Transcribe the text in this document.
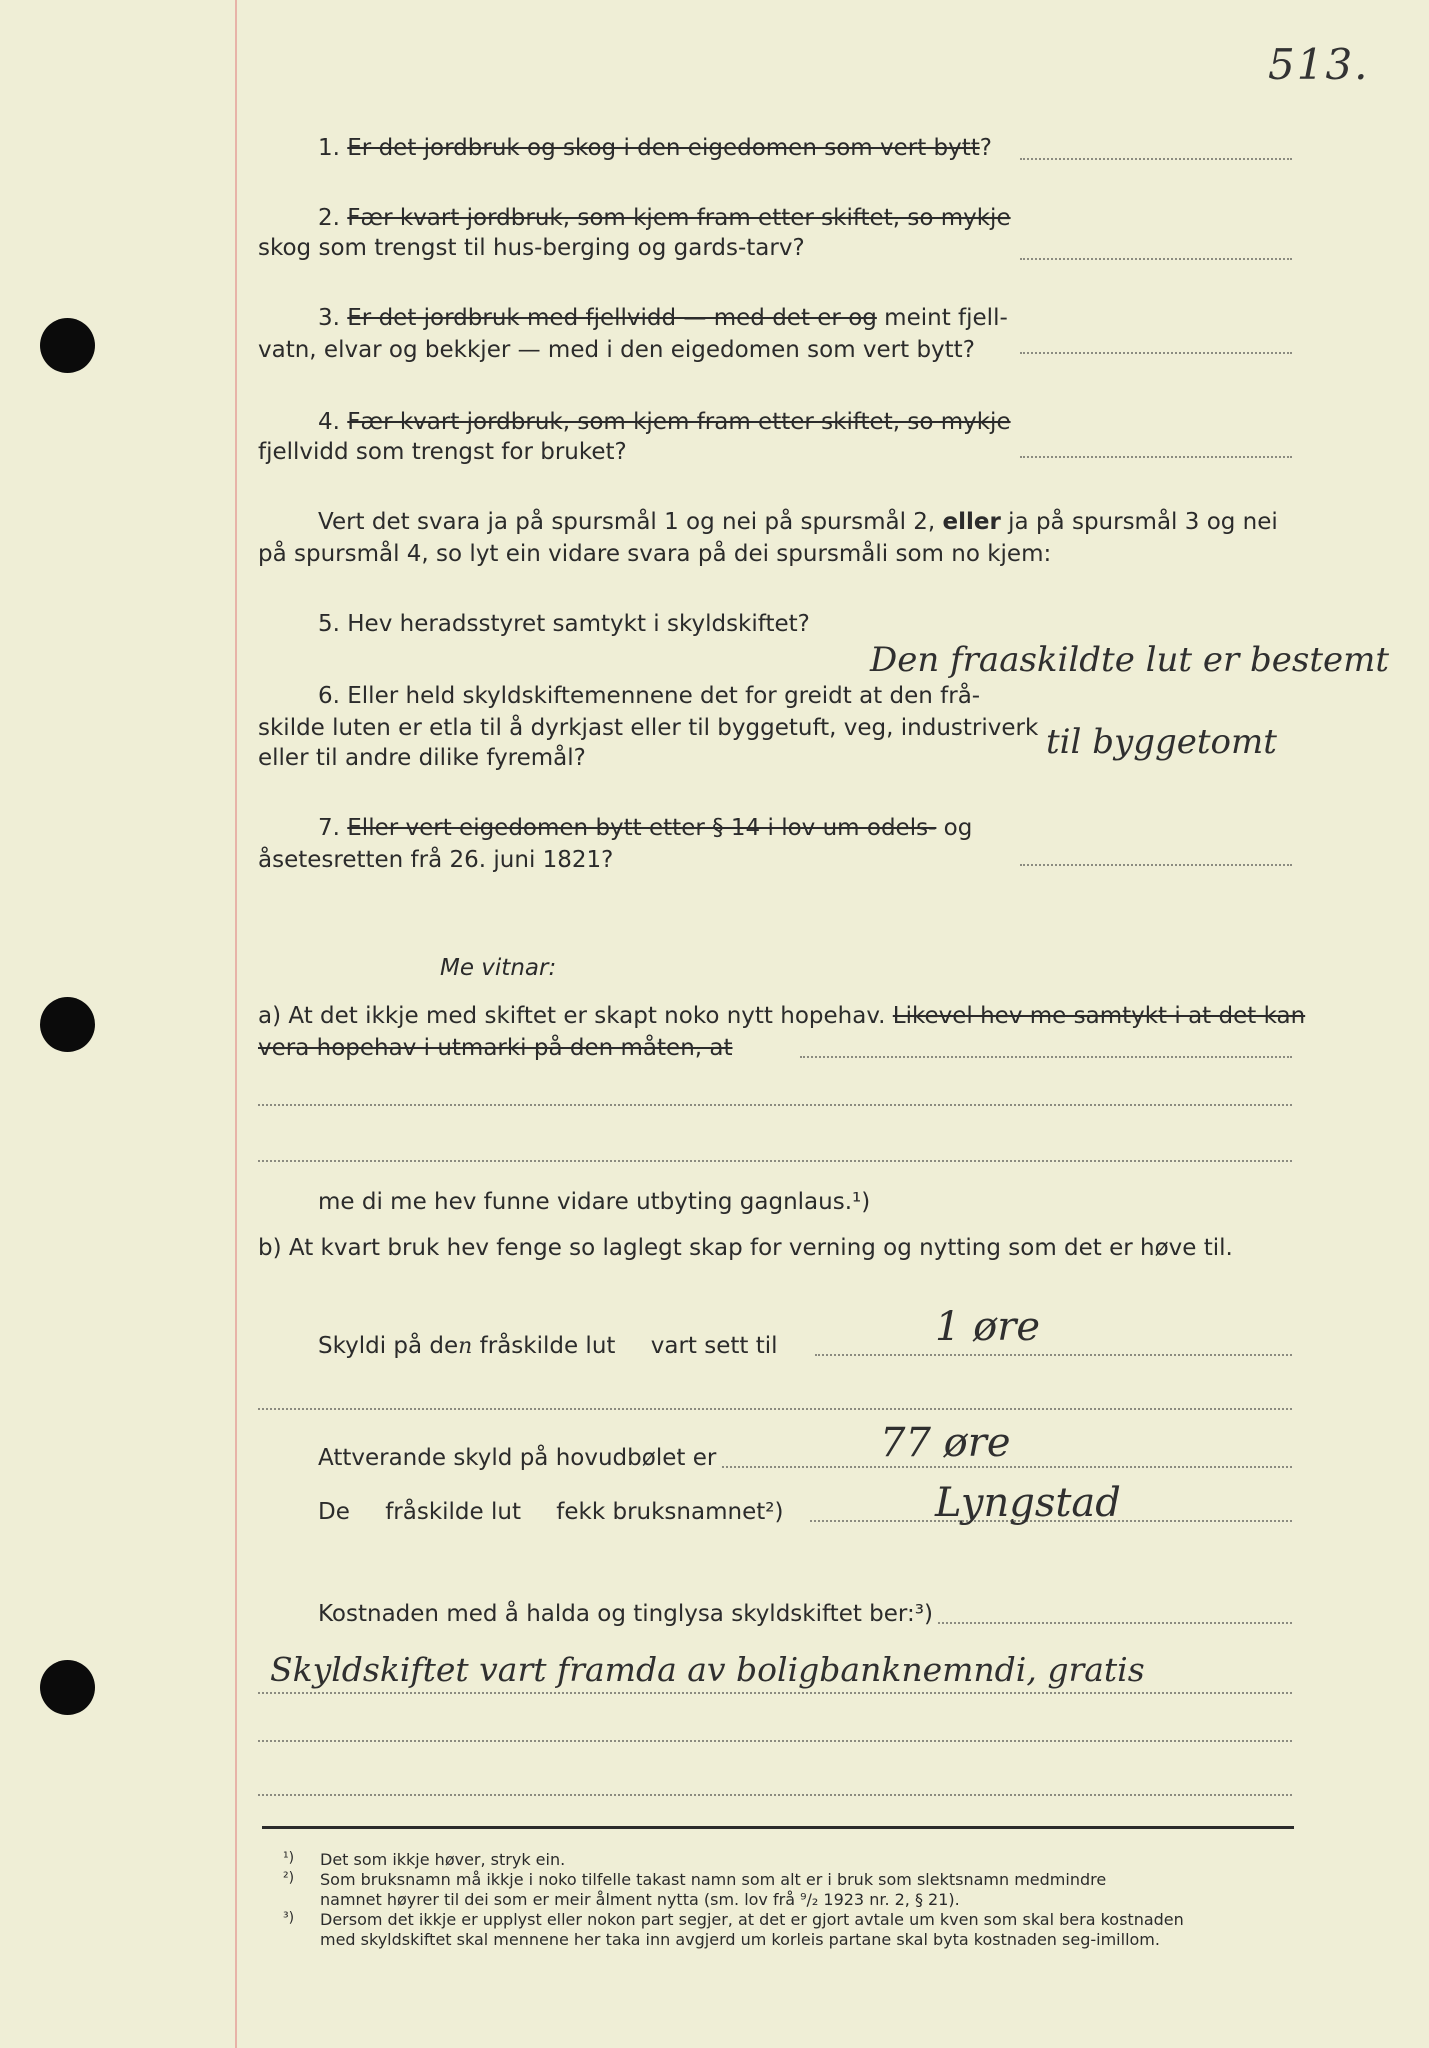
513.
1. Er det jordbruk og skog i den eigedomen som vert bytt?
2. Fær kvart jordbruk, som kjem fram etter skiftet, so mykje
skog som trengst til hus-berging og gards-tarv?
3. Er det jordbruk med fjellvidd — med det er og meint fjell-
vatn, elvar og bekkjer — med i den eigedomen som vert bytt?
4. Fær kvart jordbruk, som kjem fram etter skiftet, so mykje
fjellvidd som trengst for bruket?
Vert det svara ja på spursmål 1 og nei på spursmål 2, eller ja på spursmål 3 og nei
på spursmål 4, so lyt ein vidare svara på dei spursmåli som no kjem:
5. Hev heradsstyret samtykt i skyldskiftet?
6. Eller held skyldskiftemennene det for greidt at den frå-
skilde luten er etla til å dyrkjast eller til byggetuft, veg, industriverk
eller til andre dilike fyremål?
Den fraaskildte lut er bestemt
til byggetomt
7. Eller vert eigedomen bytt etter § 14 i lov um odels- og
åsetesretten frå 26. juni 1821?
Me vitnar:
a) At det ikkje med skiftet er skapt noko nytt hopehav. Likevel hev me samtykt i at det kan
vera hopehav i utmarki på den måten, at
me di me hev funne vidare utbyting gagnlaus.¹)
b) At kvart bruk hev fenge so laglegt skap for verning og nytting som det er høve til.
Skyldi på den fråskilde lut vart sett til	1 øre
Attverande skyld på hovudbølet er	77 øre
De fråskilde lut fekk bruksnamnet²)	Lyngstad
Kostnaden med å halda og tinglysa skyldskiftet ber:³)
Skyldskiftet vart framda av boligbanknemndi, gratis
¹) Det som ikkje høver, stryk ein.
²) Som bruksnamn må ikkje i noko tilfelle takast namn som alt er i bruk som slektsnamn medmindre
namnet høyrer til dei som er meir ålment nytta (sm. lov frå ⁹/₂ 1923 nr. 2, § 21).
³) Dersom det ikkje er upplyst eller nokon part segjer, at det er gjort avtale um kven som skal bera kostnaden
med skyldskiftet skal mennene her taka inn avgjerd um korleis partane skal byta kostnaden seg-imillom.
